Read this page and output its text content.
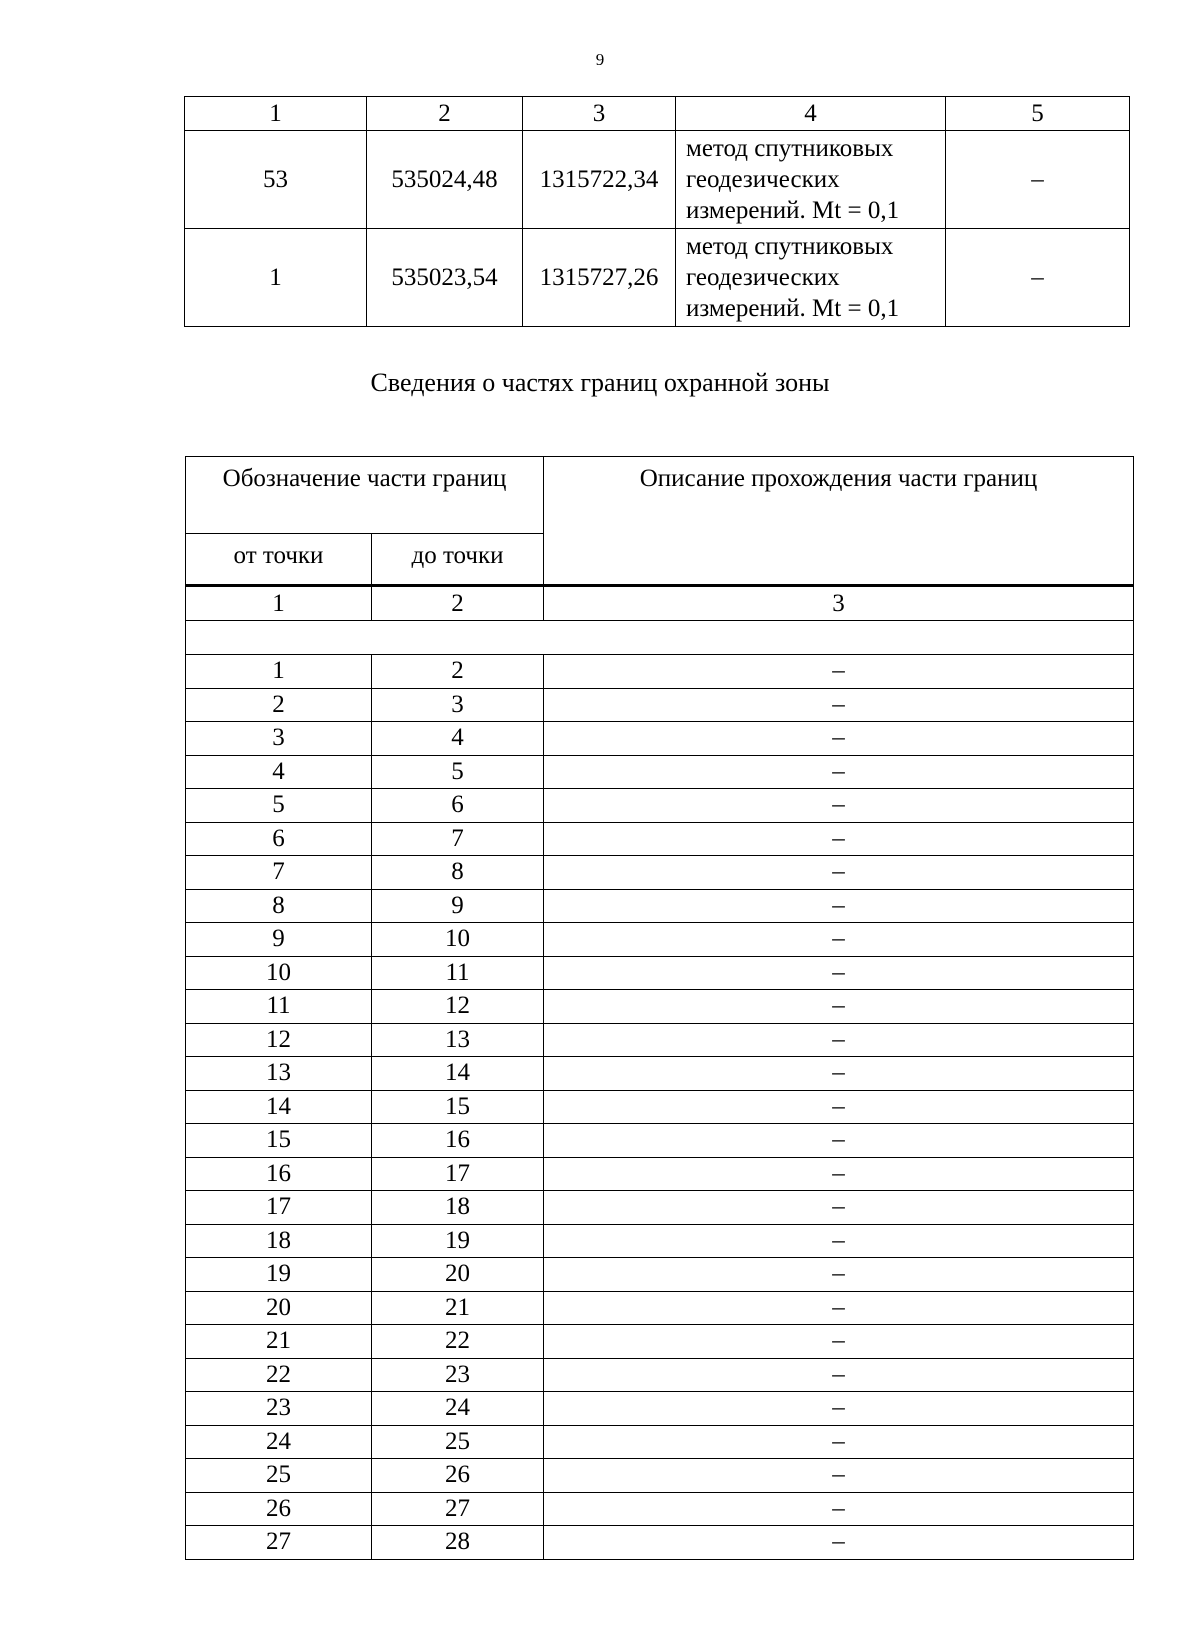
9
1	2	3	4	5
53	535024,48	1315722,34	метод спутниковых
геодезических
измерений. Mt = 0,1	–
1	535023,54	1315727,26	метод спутниковых
геодезических
измерений. Mt = 0,1	–
Сведения о частях границ охранной зоны
Обозначение части границ		Описание прохождения части границ
от точки	до точки	
1	2	3

1	2	–
2	3	–
3	4	–
4	5	–
5	6	–
6	7	–
7	8	–
8	9	–
9	10	–
10	11	–
11	12	–
12	13	–
13	14	–
14	15	–
15	16	–
16	17	–
17	18	–
18	19	–
19	20	–
20	21	–
21	22	–
22	23	–
23	24	–
24	25	–
25	26	–
26	27	–
27	28	–
